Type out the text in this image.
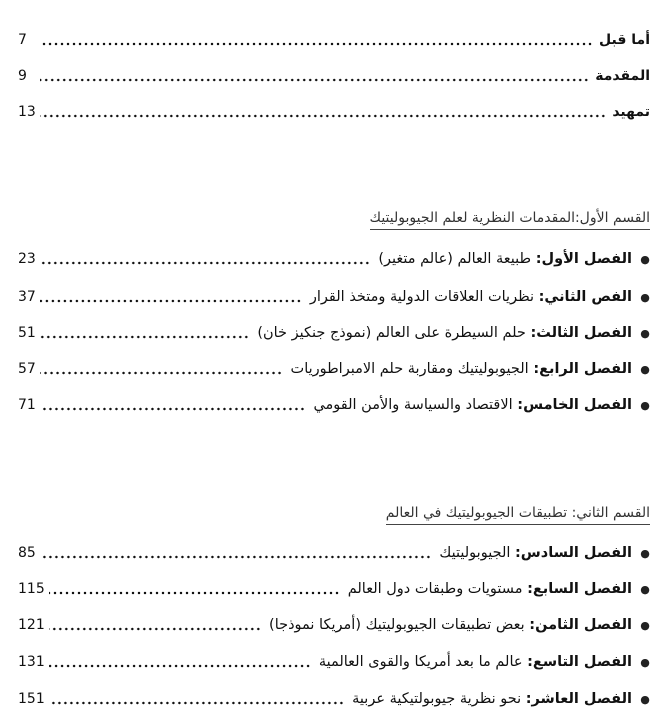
7	أما قبل
9	المقدمة
13	تمهيد
القسم الأول:المقدمات النظرية لعلم الجيوبوليتيك
23	الفصل الأول: طبيعة العالم (عالم متغير)	●
37	الفص الثاني: نظريات العلاقات الدولية ومتخذ القرار	●
51	الفصل الثالث: حلم السيطرة على العالم (نموذج جنكيز خان)	●
57	الفصل الرابع: الجيوبوليتيك ومقاربة حلم الامبراطوريات	●
71	الفصل الخامس: الاقتصاد والسياسة والأمن القومي	●
القسم الثاني: تطبيقات الجيوبوليتيك في العالم
85	الفصل السادس: الجيوبوليتيك	●
115	الفصل السابع: مستويات وطبقات دول العالم	●
121	الفصل الثامن: بعض تطبيقات الجيوبوليتيك (أمريكا نموذجا)	●
131	الفصل التاسع: عالم ما بعد أمريكا والقوى العالمية	●
151	الفصل العاشر: نحو نظرية جيوبولتيكية عربية	●
